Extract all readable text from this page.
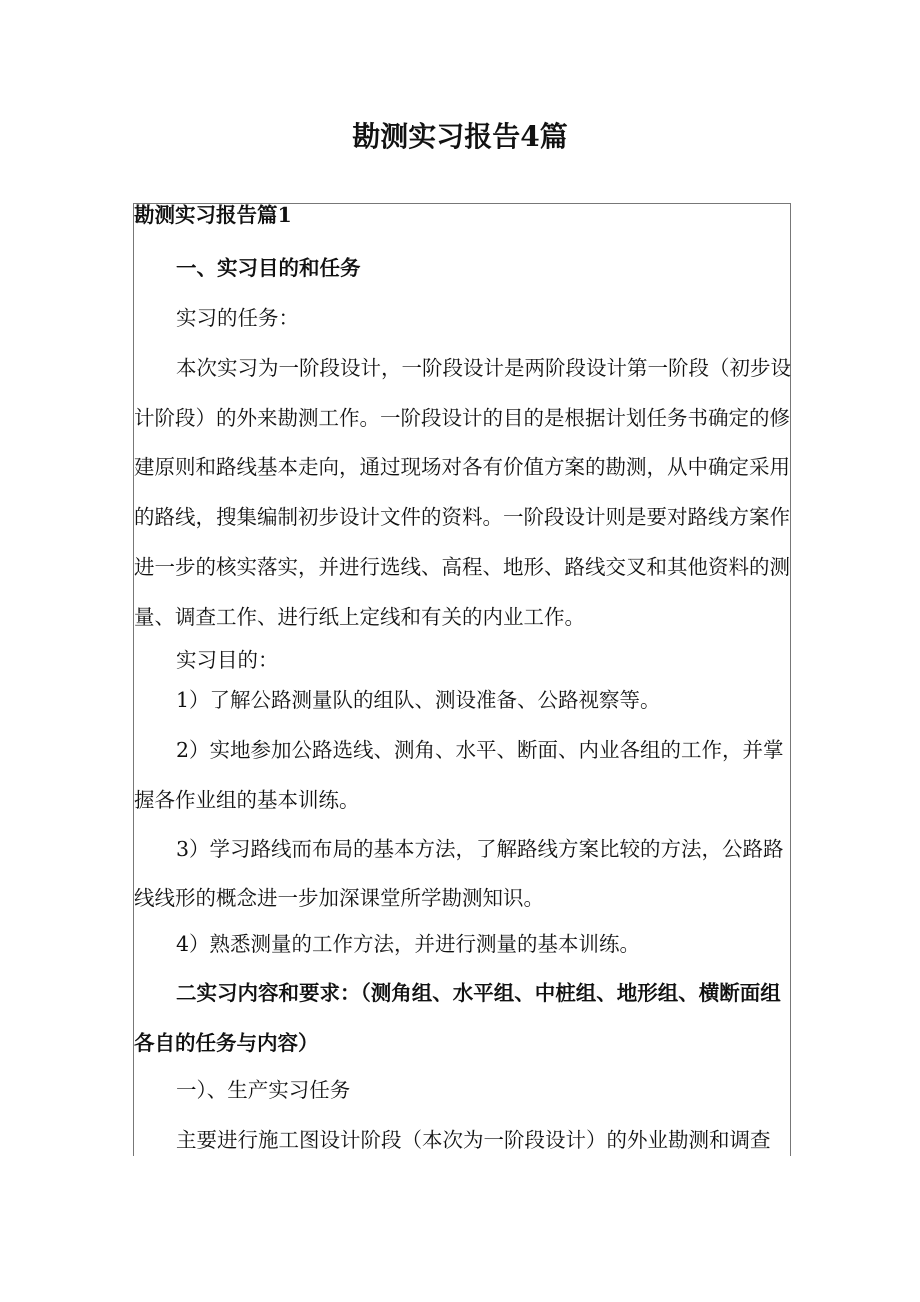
勘测实习报告4篇
勘测实习报告篇1
一、实习目的和任务
实习的任务：
本次实习为一阶段设计，一阶段设计是两阶段设计第一阶段（初步设
计阶段）的外来勘测工作。一阶段设计的目的是根据计划任务书确定的修
建原则和路线基本走向，通过现场对各有价值方案的勘测，从中确定采用
的路线，搜集编制初步设计文件的资料。一阶段设计则是要对路线方案作
进一步的核实落实，并进行选线、高程、地形、路线交叉和其他资料的测
量、调查工作、进行纸上定线和有关的内业工作。
实习目的：
1）了解公路测量队的组队、测设准备、公路视察等。
2）实地参加公路选线、测角、水平、断面、内业各组的工作，并掌
握各作业组的基本训练。
3）学习路线而布局的基本方法，了解路线方案比较的方法，公路路
线线形的概念进一步加深课堂所学勘测知识。
4）熟悉测量的工作方法，并进行测量的基本训练。
二实习内容和要求：（测角组、水平组、中桩组、地形组、横断面组
各自的任务与内容）
一）、生产实习任务
主要进行施工图设计阶段（本次为一阶段设计）的外业勘测和调查
